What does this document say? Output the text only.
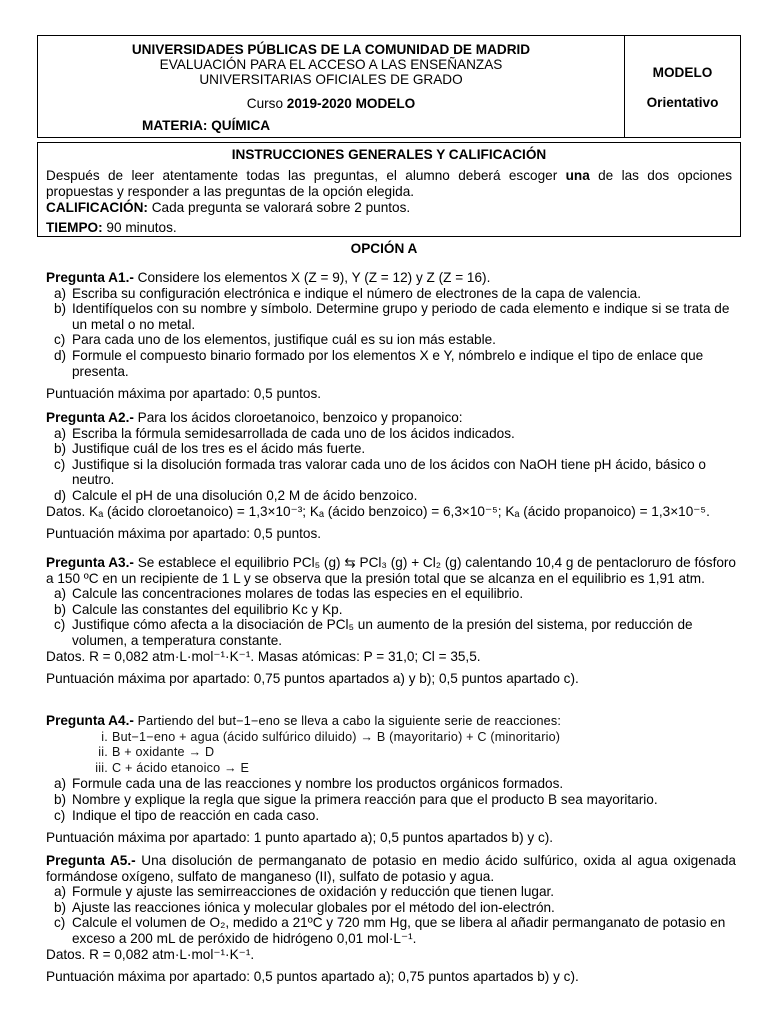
UNIVERSIDADES PÚBLICAS DE LA COMUNIDAD DE MADRID
EVALUACIÓN PARA EL ACCESO A LAS ENSEÑANZAS
UNIVERSITARIAS OFICIALES DE GRADO
Curso 2019-2020 MODELO
MATERIA: QUÍMICA
MODELO
Orientativo
INSTRUCCIONES GENERALES Y CALIFICACIÓN

Después de leer atentamente todas las preguntas, el alumno deberá escoger una de las dos opciones propuestas y responder a las preguntas de la opción elegida.

CALIFICACIÓN: Cada pregunta se valorará sobre 2 puntos.

TIEMPO: 90 minutos.

OPCIÓN A

Pregunta A1.- Considere los elementos X (Z = 9), Y (Z = 12) y Z (Z = 16).

a) Escriba su configuración electrónica e indique el número de electrones de la capa de valencia.
b) Identifíquelos con su nombre y símbolo. Determine grupo y periodo de cada elemento e indique si se trata de un metal o no metal.
c) Para cada uno de los elementos, justifique cuál es su ion más estable.
d) Formule el compuesto binario formado por los elementos X e Y, nómbrelo e indique el tipo de enlace que presenta.

Puntuación máxima por apartado: 0,5 puntos.

Pregunta A2.- Para los ácidos cloroetanoico, benzoico y propanoico:

a) Escriba la fórmula semidesarrollada de cada uno de los ácidos indicados.
b) Justifique cuál de los tres es el ácido más fuerte.
c) Justifique si la disolución formada tras valorar cada uno de los ácidos con NaOH tiene pH ácido, básico o neutro.
d) Calcule el pH de una disolución 0,2 M de ácido benzoico.

Datos. Kₐ (ácido cloroetanoico) = 1,3×10⁻³; Kₐ (ácido benzoico) = 6,3×10⁻⁵; Kₐ (ácido propanoico) = 1,3×10⁻⁵.

Puntuación máxima por apartado: 0,5 puntos.

Pregunta A3.- Se establece el equilibrio PCl₅ (g) ⇆ PCl₃ (g) + Cl₂ (g) calentando 10,4 g de pentacloruro de fósforo a 150 ºC en un recipiente de 1 L y se observa que la presión total que se alcanza en el equilibrio es 1,91 atm.

a) Calcule las concentraciones molares de todas las especies en el equilibrio.
b) Calcule las constantes del equilibrio Kc y Kp.
c) Justifique cómo afecta a la disociación de PCl₅ un aumento de la presión del sistema, por reducción de volumen, a temperatura constante.

Datos. R = 0,082 atm·L·mol⁻¹·K⁻¹. Masas atómicas: P = 31,0; Cl = 35,5.

Puntuación máxima por apartado: 0,75 puntos apartados a) y b); 0,5 puntos apartado c).

Pregunta A4.- Partiendo del but−1−eno se lleva a cabo la siguiente serie de reacciones:

i. But−1−eno + agua (ácido sulfúrico diluido) → B (mayoritario) + C (minoritario)
ii. B + oxidante → D
iii. C + ácido etanoico → E
a) Formule cada una de las reacciones y nombre los productos orgánicos formados.
b) Nombre y explique la regla que sigue la primera reacción para que el producto B sea mayoritario.
c) Indique el tipo de reacción en cada caso.

Puntuación máxima por apartado: 1 punto apartado a); 0,5 puntos apartados b) y c).

Pregunta A5.- Una disolución de permanganato de potasio en medio ácido sulfúrico, oxida al agua oxigenada formándose oxígeno, sulfato de manganeso (II), sulfato de potasio y agua.

a) Formule y ajuste las semirreacciones de oxidación y reducción que tienen lugar.
b) Ajuste las reacciones iónica y molecular globales por el método del ion-electrón.
c) Calcule el volumen de O₂, medido a 21ºC y 720 mm Hg, que se libera al añadir permanganato de potasio en exceso a 200 mL de peróxido de hidrógeno 0,01 mol·L⁻¹.

Datos. R = 0,082 atm·L·mol⁻¹·K⁻¹.

Puntuación máxima por apartado: 0,5 puntos apartado a); 0,75 puntos apartados b) y c).
